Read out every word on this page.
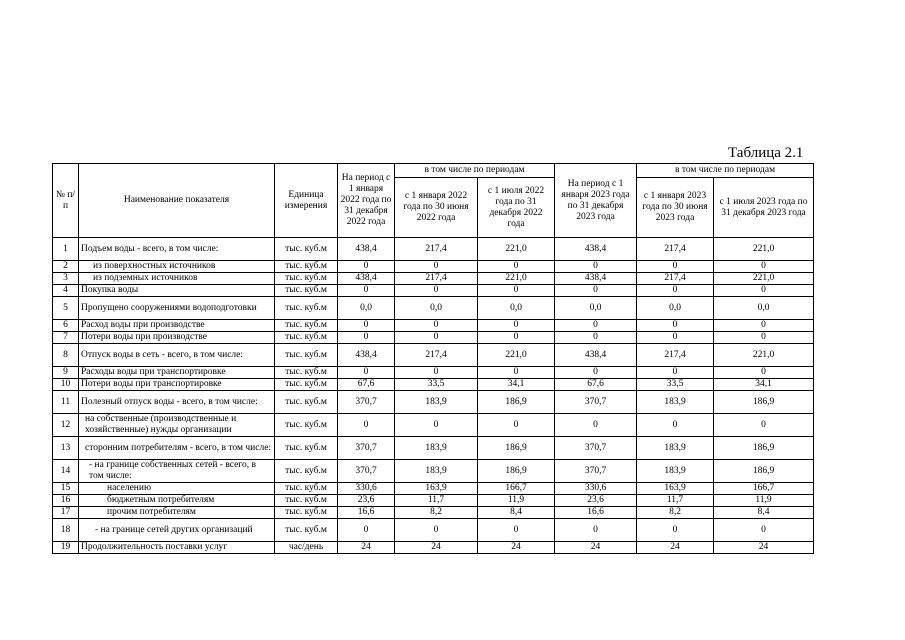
Таблица 2.1
№ п/п	Наименование показателя	Единица измерения	На период с 1 января 2022 года по 31 декабря 2022 года	в том числе по периодам		На период с 1 января 2023 года по 31 декабря 2023 года	в том числе по периодам	
				с 1 января 2022 года по 30 июня 2022 года	с 1 июля 2022 года по 31 декабря 2022 года		с 1 января 2023 года по 30 июня 2023 года	с 1 июля 2023 года по 31 декабря 2023 года
1	Подъем воды - всего, в том числе:	тыс. куб.м	438,4	217,4	221,0	438,4	217,4	221,0
2	из поверхностных источников	тыс. куб.м	0	0	0	0	0	0
3	из подземных источников	тыс. куб.м	438,4	217,4	221,0	438,4	217,4	221,0
4	Покупка воды	тыс. куб.м	0	0	0	0	0	0
5	Пропущено сооружениями водоподготовки	тыс. куб.м	0,0	0,0	0,0	0,0	0,0	0,0
6	Расход воды при производстве	тыс. куб.м	0	0	0	0	0	0
7	Потери воды при производстве	тыс. куб.м	0	0	0	0	0	0
8	Отпуск воды в сеть - всего, в том числе:	тыс. куб.м	438,4	217,4	221,0	438,4	217,4	221,0
9	Расходы воды при транспортировке	тыс. куб.м	0	0	0	0	0	0
10	Потери воды при транспортировке	тыс. куб.м	67,6	33,5	34,1	67,6	33,5	34,1
11	Полезный отпуск воды - всего, в том числе:	тыс. куб.м	370,7	183,9	186,9	370,7	183,9	186,9
12	на собственные (производственные и хозяйственные) нужды организации	тыс. куб.м	0	0	0	0	0	0
13	сторонним потребителям - всего, в том числе:	тыс. куб.м	370,7	183,9	186,9	370,7	183,9	186,9
14	- на границе собственных сетей - всего, в том числе:	тыс. куб.м	370,7	183,9	186,9	370,7	183,9	186,9
15	населению	тыс. куб.м	330,6	163,9	166,7	330,6	163,9	166,7
16	бюджетным потребителям	тыс. куб.м	23,6	11,7	11,9	23,6	11,7	11,9
17	прочим потребителям	тыс. куб.м	16,6	8,2	8,4	16,6	8,2	8,4
18	- на границе сетей других организаций	тыс. куб.м	0	0	0	0	0	0
19	Продолжительность поставки услуг	час/день	24	24	24	24	24	24
